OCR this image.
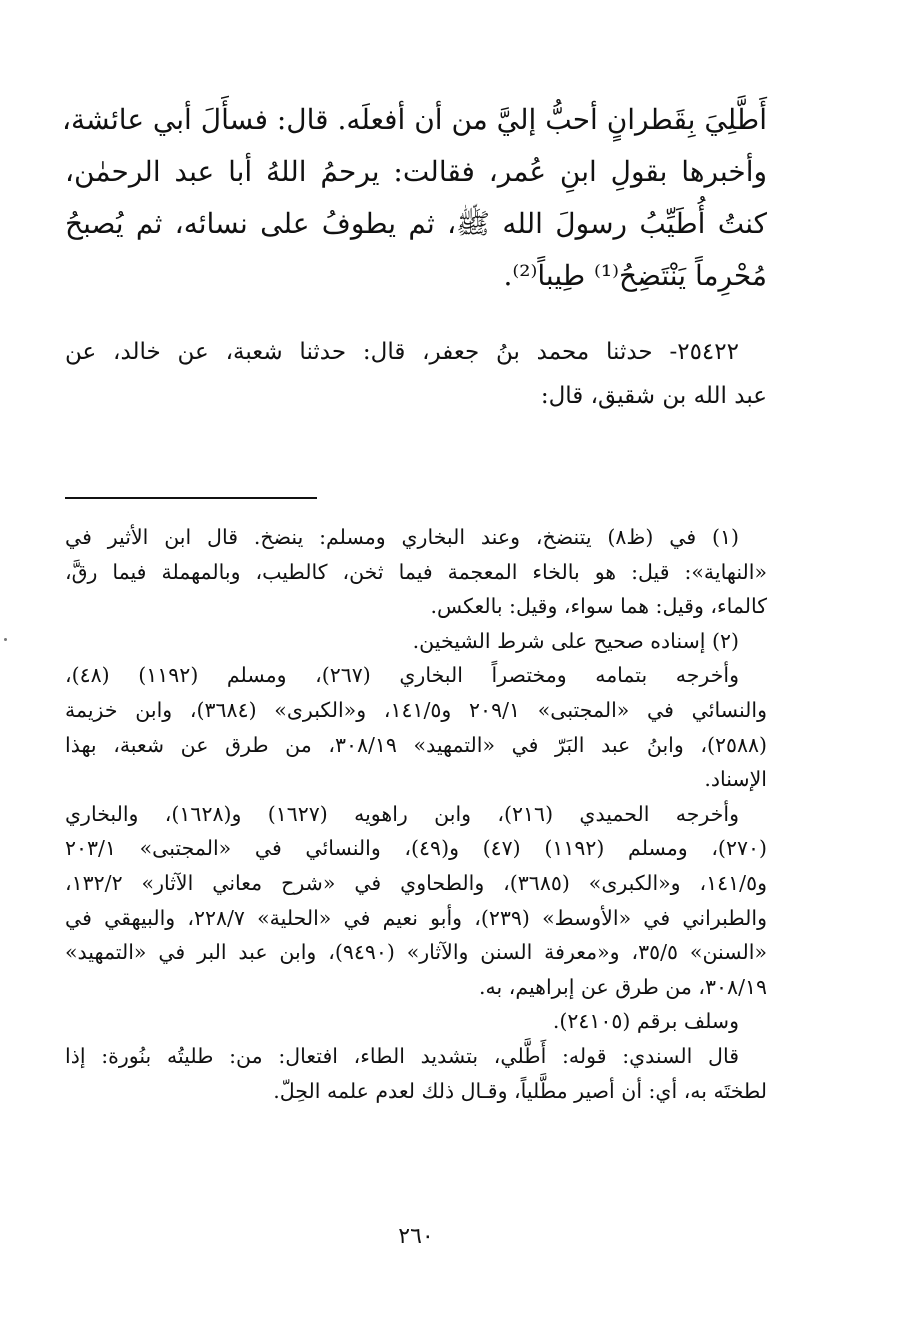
أَطَّلِيَ بِقَطرانٍ أحبُّ إليَّ من أن أفعلَه. قال: فسأَلَ أبي عائشة،
وأخبرها بقولِ ابنِ عُمر، فقالت: يرحمُ اللهُ أبا عبد الرحمٰن،
كنتُ أُطَيِّبُ رسولَ الله ﷺ، ثم يطوفُ على نسائه، ثم يُصبحُ
مُحْرِماً يَنْتَضِحُ⁽¹⁾ طِيباً⁽²⁾.
٢٥٤٢٢- حدثنا محمد بنُ جعفر، قال: حدثنا شعبة، عن خالد، عن
عبد الله بن شقيق، قال:
(١) في (ظ٨) يتنضخ، وعند البخاري ومسلم: ينضخ. قال ابن الأثير في
«النهاية»: قيل: هو بالخاء المعجمة فيما ثخن، كالطيب، وبالمهملة فيما رقَّ،
كالماء، وقيل: هما سواء، وقيل: بالعكس.
(٢) إسناده صحيح على شرط الشيخين.
وأخرجه بتمامه ومختصراً البخاري (٢٦٧)، ومسلم (١١٩٢) (٤٨)،
والنسائي في «المجتبى» ٢٠٩/١ و١٤١/٥، و«الكبرى» (٣٦٨٤)، وابن خزيمة
(٢٥٨٨)، وابنُ عبد البَرّ في «التمهيد» ٣٠٨/١٩، من طرق عن شعبة، بهذا
الإسناد.
وأخرجه الحميدي (٢١٦)، وابن راهويه (١٦٢٧) و(١٦٢٨)، والبخاري
(٢٧٠)، ومسلم (١١٩٢) (٤٧) و(٤٩)، والنسائي في «المجتبى» ٢٠٣/١
و١٤١/٥، و«الكبرى» (٣٦٨٥)، والطحاوي في «شرح معاني الآثار» ١٣٢/٢،
والطبراني في «الأوسط» (٢٣٩)، وأبو نعيم في «الحلية» ٢٢٨/٧، والبيهقي في
«السنن» ٣٥/٥، و«معرفة السنن والآثار» (٩٤٩٠)، وابن عبد البر في «التمهيد»
٣٠٨/١٩، من طرق عن إبراهيم، به.
وسلف برقم (٢٤١٠٥).
قال السندي: قوله: أَطَّلي، بتشديد الطاء، افتعال: من: طليتُه بنُورة: إذا
لطختَه به، أي: أن أصير مطَّلياً، وقـال ذلك لعدم علمه الحِلّ.
٢٦٠
